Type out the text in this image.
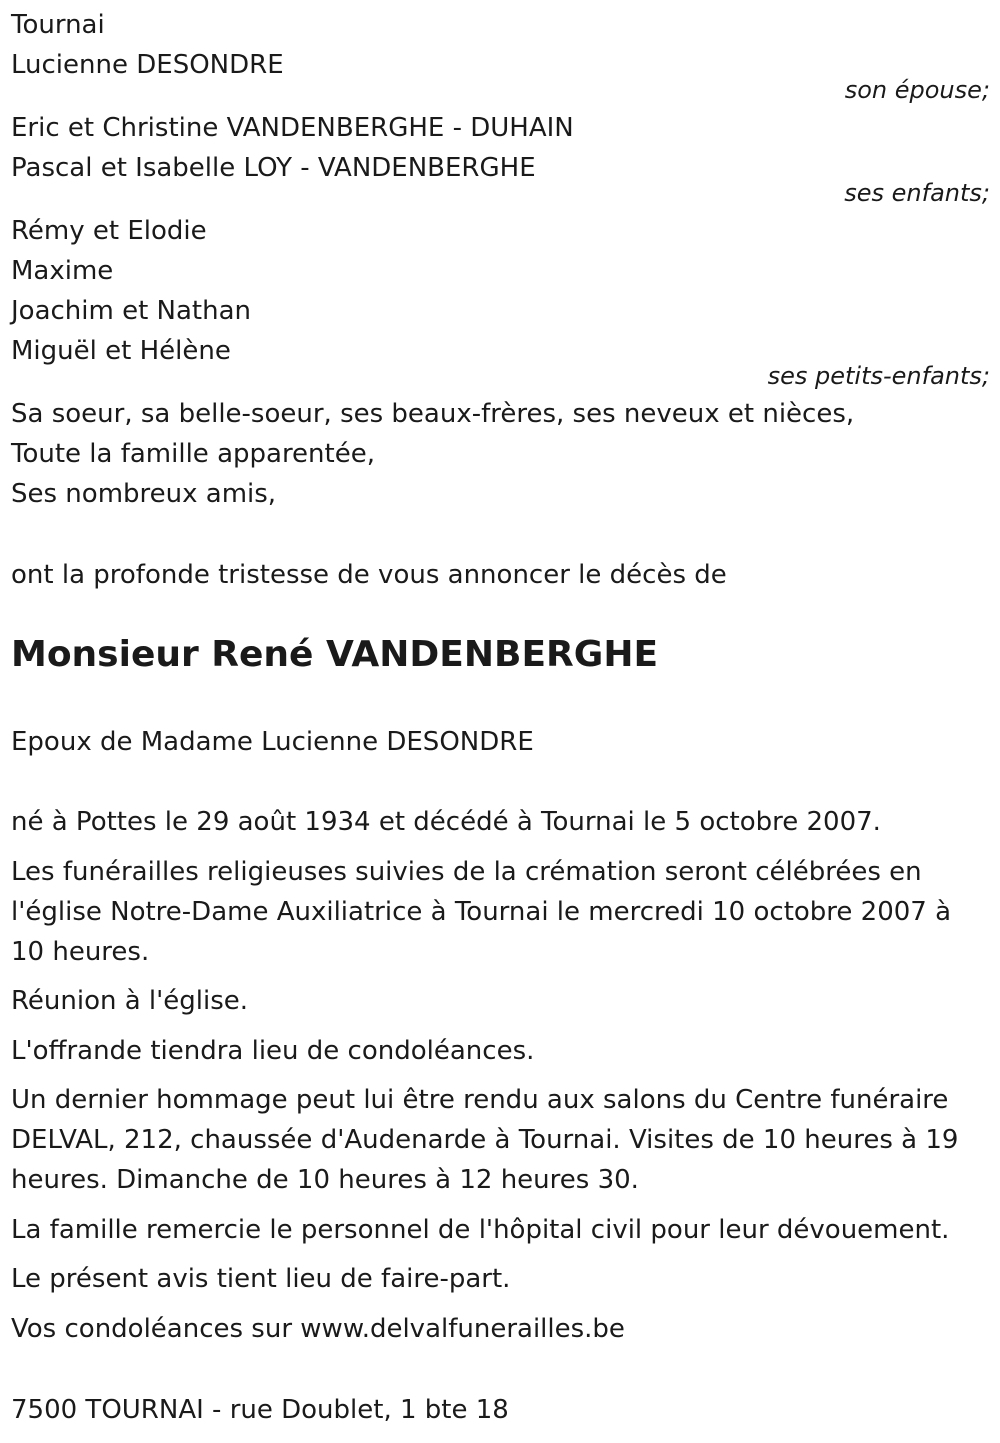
Tournai
Lucienne DESONDRE
son épouse;
Eric et Christine VANDENBERGHE - DUHAIN
Pascal et Isabelle LOY - VANDENBERGHE
ses enfants;
Rémy et Elodie
Maxime
Joachim et Nathan
Miguël et Hélène
ses petits-enfants;
Sa soeur, sa belle-soeur, ses beaux-frères, ses neveux et nièces,
Toute la famille apparentée,
Ses nombreux amis,
ont la profonde tristesse de vous annoncer le décès de
Monsieur René VANDENBERGHE
Epoux de Madame Lucienne DESONDRE
né à Pottes le 29 août 1934 et décédé à Tournai le 5 octobre 2007.
Les funérailles religieuses suivies de la crémation seront célébrées en l'église Notre-Dame Auxiliatrice à Tournai le mercredi 10 octobre 2007 à 10 heures.
Réunion à l'église.
L'offrande tiendra lieu de condoléances.
Un dernier hommage peut lui être rendu aux salons du Centre funéraire DELVAL, 212, chaussée d'Audenarde à Tournai. Visites de 10 heures à 19 heures. Dimanche de 10 heures à 12 heures 30.
La famille remercie le personnel de l'hôpital civil pour leur dévouement.
Le présent avis tient lieu de faire-part.
Vos condoléances sur www.delvalfunerailles.be
7500 TOURNAI - rue Doublet, 1 bte 18
